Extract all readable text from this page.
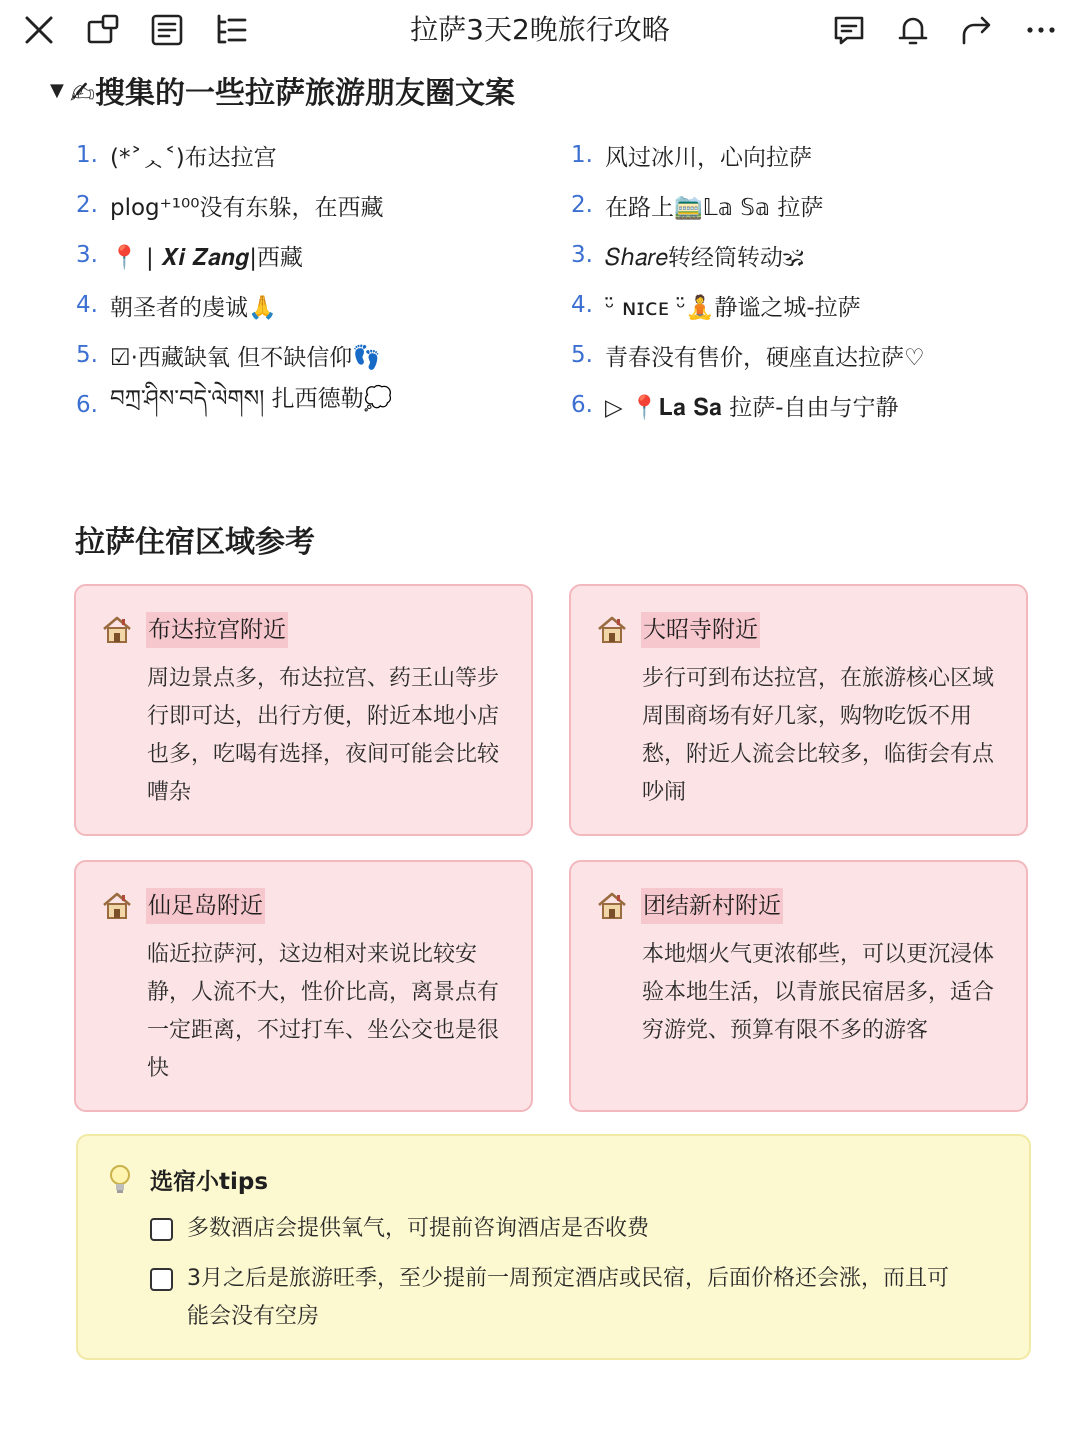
拉萨3天2晚旅行攻略
▼ ✍搜集的一些拉萨旅游朋友圈文案
1. (*˃ᆺ˂)布达拉宫
2. plog⁺¹⁰⁰没有东躲，在西藏
3. 📍 | 𝑿𝒊 𝒁𝒂𝒏𝒈|西藏
4. 朝圣者的虔诚🙏
5. ☑·西藏缺氧 但不缺信仰👣
6. བཀྲ་ཤིས་བདེ་ལེགས། 扎西德勒💭
1. 风过冰川，心向拉萨
2. 在路上🚞𝕃𝕒 𝕊𝕒 拉萨
3. 𝑆ℎ𝑎𝑟𝑒转经筒转动🕉
4. ᵕ̈ ɴɪᴄᴇ ᵕ̈🧘静谧之城-拉萨
5. 青春没有售价，硬座直达拉萨♡
6. ▷ 📍𝐋𝐚 𝐒𝐚 拉萨-自由与宁静
拉萨住宿区域参考
布达拉宫附近
周边景点多，布达拉宫、药王山等步行即可达，出行方便，附近本地小店也多，吃喝有选择，夜间可能会比较嘈杂
大昭寺附近
步行可到布达拉宫，在旅游核心区域周围商场有好几家，购物吃饭不用愁，附近人流会比较多，临街会有点吵闹
仙足岛附近
临近拉萨河，这边相对来说比较安静，人流不大，性价比高，离景点有一定距离，不过打车、坐公交也是很快
团结新村附近
本地烟火气更浓郁些，可以更沉浸体验本地生活，以青旅民宿居多，适合穷游党、预算有限不多的游客
选宿小tips
多数酒店会提供氧气，可提前咨询酒店是否收费
3月之后是旅游旺季，至少提前一周预定酒店或民宿，后面价格还会涨，而且可能会没有空房
